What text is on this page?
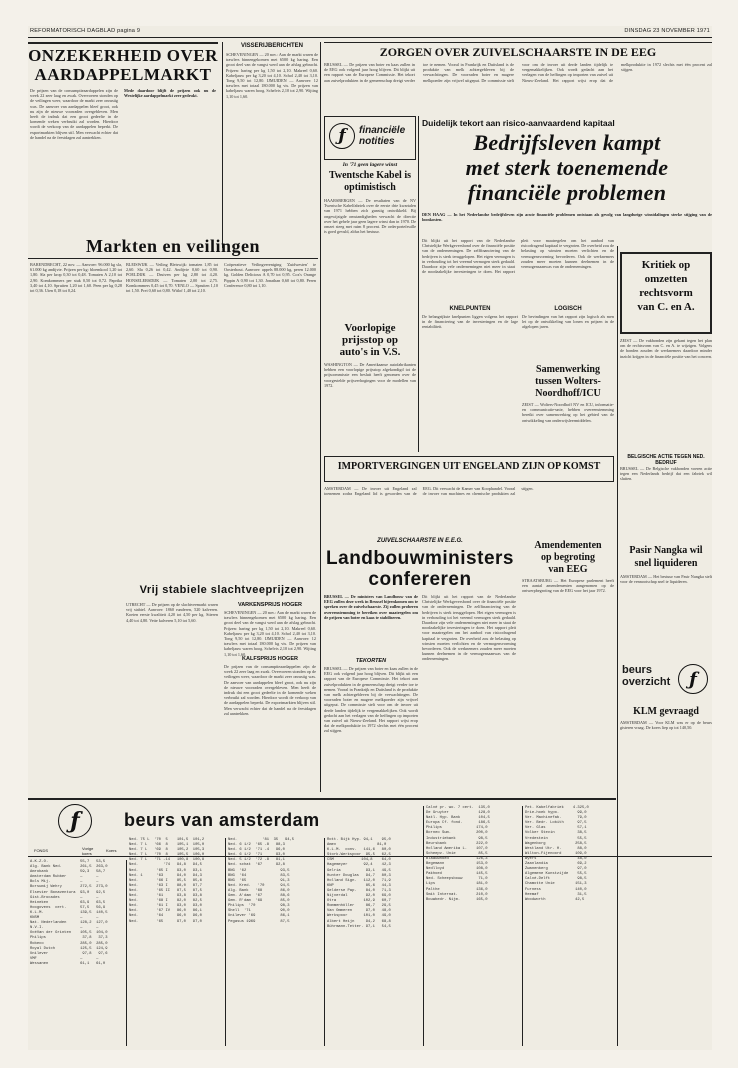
REFORMATORISCH DAGBLAD pagina 9	DINSDAG 23 NOVEMBER 1971
ONZEKERHEID OVER
AARDAPPELMARKT
De prijzen van de consumptieaardappelen zijn de week 22 zeer laag en zwak. Overvoeren stonden op de veilingen weer, waardoor de markt zeer onrustig was. De aanvoer van aardappelen bleef groot, ook nu zijn de nieuwe voorraden overgebleven. Men heeft de indruk dat een groot gedeelte in de komende weken verbruikt zal worden. Hierdoor wordt de verkoop van de aardappelen beperkt. De exportmarkten blijven stil. Men verwacht echter dat de handel na de feestdagen zal aantrekken.
Mede daardoor blijft de prijzen ook nu de Westelijke aardappelmarkt zeer gedrukt.
VISSERIJBERICHTEN
SCHEVENINGEN — 20 nov.: Aan de markt waren de trawlers binnengekomen met 6500 kg haring. Een groot deel van de vangst werd aan de afslag gebracht. Prijzen: haring per kg 1,50 tot 2,10. Makreel 0,60. Kabeljauw per kg 3,20 tot 4,10. Schol 2,40 tot 3,10. Tong 9,50 tot 12,80. IJMUIDEN — Aanvoer: 12 trawlers met totaal 180.000 kg vis. De prijzen van kabeljauw waren hoog. Schelvis 2,10 tot 2,90. Wijting 1,10 tot 1,60.
ZORGEN OVER ZUIVELSCHAARSTE IN DE EEG
BRUSSEL — De prijzen van boter en kaas zullen in de EEG ook volgend jaar hoog blijven. Dit blijkt uit een rapport van de Europese Commissie. Het tekort aan zuivelprodukten in de gemeenschap dreigt verder toe te nemen. Vooral in Frankrijk en Duitsland is de produktie van melk achtergebleven bij de verwachtingen. De voorraden boter en magere melkpoeder zijn vrijwel uitgeput. De commissie stelt voor om de invoer uit derde landen tijdelijk te vergemakkelijken. Ook wordt gedacht aan het verlagen van de heffingen op importen van zuivel uit Nieuw-Zeeland. Het rapport wijst erop dat de melkproduktie in 1972 slechts met één procent zal stijgen.
ƒ	financiële notities
In '71 geen lagere winst
Twentsche Kabel is optimistisch
HAARSBERGEN — De resultaten van de NV Twentsche Kabelfabriek over de eerste drie kwartalen van 1971 hebben zich gunstig ontwikkeld. Bij ongewijzigde omstandigheden verwacht de directie over het gehele jaar geen lagere winst dan in 1970. De omzet steeg met ruim 8 procent. De orderportefeuille is goed gevuld, aldus het bestuur.
Voorlopige
prijsstop op
auto's in V.S.
WASHINGTON — De Amerikaanse autofabrikanten hebben een voorlopige prijsstop afgekondigd tot de prijscommissie een besluit heeft genomen over de voorgestelde prijsverhogingen voor de modellen van 1972.
Duidelijk tekort aan risico-aanvaardend kapitaal
Bedrijfsleven kampt
met sterk toenemende
financiële problemen
DEN HAAG — In het Nederlandse bedrijfsleven zijn acute financiële problemen ontstaan als gevolg van langdurige winstdalingen sterke stijging van de loonkosten.
Dit blijkt uit het rapport van de Nederlandse Christelijke Werkgeversbond over de financiële positie van de ondernemingen. De zelffinanciering van de bedrijven is sterk teruggelopen. Het eigen vermogen is in verhouding tot het vreemd vermogen sterk gedaald. Daardoor zijn vele ondernemingen niet meer in staat de noodzakelijke investeringen te doen. Het rapport pleit voor maatregelen om het aanbod van risicodragend kapitaal te vergroten. De overheid zou de belasting op winsten moeten verlichten en de vermogensvorming bevorderen. Ook de werknemers zouden meer moeten kunnen deelnemen in de vermogensaanwas van de ondernemingen.	Kritiek op
omzetten
rechtsvorm
van C. en A.
ZEIST — De vakbonden zijn gekant tegen het plan om de rechtsvorm van C. en A. te wijzigen. Volgens de bonden zouden de werknemers daardoor minder inzicht krijgen in de financiële positie van het concern.
BELGISCHE ACTIE TEGEN NED. BEDRIJF
BRUSSEL — De Belgische vakbonden voeren actie tegen een Nederlands bedrijf dat een fabriek wil sluiten.
Pasir Nangka wil
snel liquideren
AMSTERDAM — Het bestuur van Pasir Nangka stelt voor de vennootschap snel te liquideren.
beurs
overzicht	ƒ
KLM gevraagd
AMSTERDAM — Voor KLM was er op de beurs gisteren vraag. De koers liep op tot 140,50.
LOGISCH
De bevindingen van het rapport zijn logisch als men let op de ontwikkeling van lonen en prijzen in de afgelopen jaren.
KNELPUNTEN
De belangrijkste knelpunten liggen volgens het rapport in de financiering van de investeringen en de lage rentabiliteit.
Samenwerking
tussen Wolters-
Noordhoff/ICU
ZEIST — Wolters-Noordhoff NV en ICU, informatie- en communicatie-unie, hebben overeenstemming bereikt over samenwerking op het gebied van de ontwikkeling van onderwijsleermiddelen.
IMPORTVERGINGEN UIT ENGELAND ZIJN OP KOMST
AMSTERDAM — De invoer uit Engeland zal toenemen zodra Engeland lid is geworden van de EEG. Dit verwacht de Kamer van Koophandel. Vooral de invoer van machines en chemische produkten zal stijgen.
Amendementen
op begroting
van EEG
STRAATSBURG — Het Europese parlement heeft een aantal amendementen aangenomen op de ontwerpbegroting van de EEG voor het jaar 1972.
ZUIVELSCHAARSTE IN E.E.G.
Landbouwministers
confereren
BRUSSEL — De ministers van Landbouw van de EEG zullen deze week in Brussel bijeenkomen om te spreken over de zuivelschaarste. Zij zullen proberen overeenstemming te bereiken over maatregelen om de prijzen van boter en kaas te stabiliseren.
TEKORTEN
BRUSSEL — De prijzen van boter en kaas zullen in de EEG ook volgend jaar hoog blijven. Dit blijkt uit een rapport van de Europese Commissie. Het tekort aan zuivelprodukten in de gemeenschap dreigt verder toe te nemen. Vooral in Frankrijk en Duitsland is de produktie van melk achtergebleven bij de verwachtingen. De voorraden boter en magere melkpoeder zijn vrijwel uitgeput. De commissie stelt voor om de invoer uit derde landen tijdelijk te vergemakkelijken. Ook wordt gedacht aan het verlagen van de heffingen op importen van zuivel uit Nieuw-Zeeland. Het rapport wijst erop dat de melkproduktie in 1972 slechts met één procent zal stijgen.
Dit blijkt uit het rapport van de Nederlandse Christelijke Werkgeversbond over de financiële positie van de ondernemingen. De zelffinanciering van de bedrijven is sterk teruggelopen. Het eigen vermogen is in verhouding tot het vreemd vermogen sterk gedaald. Daardoor zijn vele ondernemingen niet meer in staat de noodzakelijke investeringen te doen. Het rapport pleit voor maatregelen om het aanbod van risicodragend kapitaal te vergroten. De overheid zou de belasting op winsten moeten verlichten en de vermogensvorming bevorderen. Ook de werknemers zouden meer moeten kunnen deelnemen in de vermogensaanwas van de ondernemingen.
Markten en veilingen
BARENDRECHT, 22 nov. — Aanvoer: 96.000 kg sla, 61.000 kg andijvie. Prijzen per kg: bloemkool 1,20 tot 1,80. Sla per krop 0,30 tot 0,48. Tomaten A 2,10 tot 2,90. Komkommers per stuk 0,50 tot 0,72. Paprika 3,40 tot 4,10. Spruiten 1,20 tot 1,60. Peen per kg 0,28 tot 0,36. Uien 0,18 tot 0,24.
BLEISWIJK — Veiling Bleiswijk: tomaten 1,85 tot 2,60. Sla 0,26 tot 0,42. Andijvie 0,60 tot 0,90. POELDIJK — Druiven per kg 2,80 tot 4,20. HONSELERSDIJK — Tomaten 2,00 tot 2,75. Komkommers 0,45 tot 0,70. VENLO — Spruiten 1,10 tot 1,50. Prei 0,60 tot 0,80. Witlof 1,40 tot 2,10.
Coöperatieve Veilingvereniging 'Zuidwesten' te Oosterhout. Aanvoer: appels 88.000 kg, peren 12.000 kg. Golden Delicious A 0,70 tot 0,95. Cox's Orange Pippin A 0,90 tot 1,30. Jonathan 0,60 tot 0,80. Peren Conference 0,80 tot 1,10.
Vrij stabiele slachtveeprijzen
UTRECHT — De prijzen op de slachtveemarkt waren vrij stabiel. Aanvoer: 1860 runderen, 520 kalveren. Koeien eerste kwaliteit 4,20 tot 4,50 per kg. Stieren 4,40 tot 4,80. Vette kalveren 5,10 tot 5,60.
VARKENSPRIJS HOGER
SCHEVENINGEN — 20 nov.: Aan de markt waren de trawlers binnengekomen met 6500 kg haring. Een groot deel van de vangst werd aan de afslag gebracht. Prijzen: haring per kg 1,50 tot 2,10. Makreel 0,60. Kabeljauw per kg 3,20 tot 4,10. Schol 2,40 tot 3,10. Tong 9,50 tot 12,80. IJMUIDEN — Aanvoer: 12 trawlers met totaal 180.000 kg vis. De prijzen van kabeljauw waren hoog. Schelvis 2,10 tot 2,90. Wijting 1,10 tot 1,60.
KALFSPRIJS HOGER
De prijzen van de consumptieaardappelen zijn de week 22 zeer laag en zwak. Overvoeren stonden op de veilingen weer, waardoor de markt zeer onrustig was. De aanvoer van aardappelen bleef groot, ook nu zijn de nieuwe voorraden overgebleven. Men heeft de indruk dat een groot gedeelte in de komende weken verbruikt zal worden. Hierdoor wordt de verkoop van de aardappelen beperkt. De exportmarkten blijven stil. Men verwacht echter dat de handel na de feestdagen zal aantrekken.
ƒ	beurs van amsterdam
FONDS	Vorige koers
Koers
A.K.Z.O.              55,7   53,5
Alg. Bank Ned.        261,5  263,0
Amrobank              59,3   58,7
Amsterdam Rubber      —      —
Bols Mij.             —      —
Borsumij Wehry        272,5  273,0
Elsevier Bonaventura  93,0   92,5
Gist-Brocades         —      —
Heineken              63,9   63,5
Hoogovens  cert.      57,5   56,9
K.L.M.                139,5  140,5
KNSM                  —      —
Nat. Nederlanden      128,2  127,0
N.V.I.                —      —
OcéVan der Grinten    105,5  104,0
Philips                37,8   37,3
Robeco                285,0  285,0
Royal Dutch           125,5  124,9
Unilever               97,8   97,6
VMF                   —      —
Wessanen              61,1   61,0
Ned. 75 L  '70  5    101,5  101,2
Ned. 7 L   '66  8    105,1  105,0
Ned. 7 L   '69  8    105,2  105,3
Ned. 7 L   '70  8    105,5  106,0
Ned. 7 L   '71 -14   100,8  100,8
Ned.           '74   94,8   94,5
Ned.        '65 I    93,0   93,1
Ned. 1      '63      94,0   94,3
Ned.        '66 I    85,5   85,6
Ned.        '63 I    88,0   87,7
Ned.        '65 II   87,5   87,5
Ned.        '61      93,8   93,8
Ned.        '68 I    82,0   82,5
Ned.        '61 I    93,0   93,0
Ned.        '67 IV   86,0   86,1
Ned.        '64      96,0   96,0
Ned.        '65      97,0   97,0
Ned.           '81  35   94,5
Ned. 6 1/2  '65 -8   88,3
Ned. 6 1/2  '71 -4   96,0
Ned. 6 1/2  '71      93,0
Ned. 5 1/2  '72 -8   81,1
Ned. schat  '67      92,8
BNG  '62               93,5
BNG  '64               83,5
BNG  '65               91,3
Ned. Kred.   '70       94,5
Alg. Bank   '68        86,0
Gem. A'dam  '67        88,6
Gem. R'dam  '69        85,0
Philips  '70           98,3
Shell  '71             90,0
Unilever '69           86,1
Pegasus 1969           87,5
Rott. Bijk Hyp. 94,1    95,0
Amev                  81,0
K.L.M.  conv.   141,6   80,0
Stork-Werkspoor  95,5   62,5
CSM            104,8    64,0
Hagemeyer       92,4    42,3
Gelria           93,1   49,5
Hunter Douglas   94,7   80,3
Holland Sign.   112,0   71,9
KNP              85,6   44,3
Gelderse Pap.    84,0   71,3
Nijverdal        92,0   69,0
Otra            102,9   60,7
Rommenhöller     86,7   29,5
Van Ommeren      97,0   48,0
Werkspoor       101,0   49,0
Albert Heijn     94,2   68,8
Bührmann-Tetter. 97,1   54,5
Calvé pr. wo. 7 cert.  135,0
De Gruyter             128,0
Natl. Hyp. Bank        104,5
Europa Cf. fond.       186,5
Philips               174,0
Borneo Sum.           200,0
Industriebank          98,5
Beursbank             222,0
Holland Amerika L.    107,0
Scheepv. Unie          85,5
Blaauwhoed            126,3
Begemann              153,0
Nedlloyd              108,0
Pakhoed               145,5
Ned. Scheepsbouw       71,0
Lips                  181,0
Palthe                136,0
Smit Internat.        210,0
Bouwbedr. Nijm.       165,0
Pet. Kabelfabriek    4.325,0
Drie-hoek hypo.        99,0
Ver. Machinefab.       79,0
Ver. Bedr. Lobith      97,5
Ver. Glas              57,1
Volker Stevin          38,5
Vredestein             55,5
Wagenborg             258,5
Westland Utr. H.       88,0
Wilton-Fijenoord      109,0
Wyers                  48,0
Zaanlandia             69,2
Zwanenberg             97,0
Algemene Kunstzijde    55,5
Calvé-Delft            98,5
Chamotte Unie         151,3
Furness               140,0
Heemaf                 31,5
Woodworth             42,5
